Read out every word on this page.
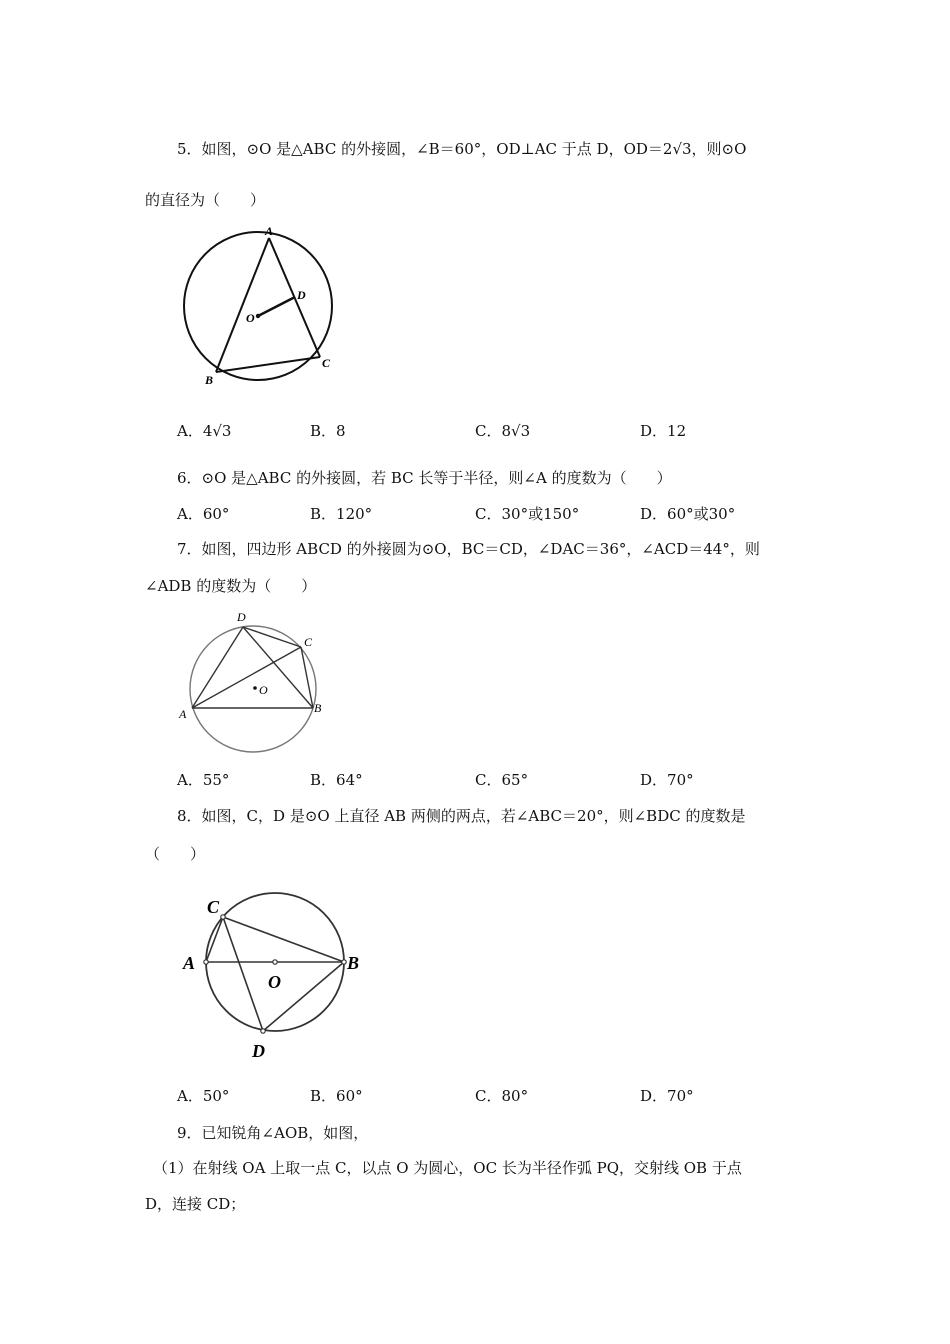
5．如图，⊙O 是△ABC 的外接圆，∠B＝60°，OD⊥AC 于点 D，OD＝2√3，则⊙O
的直径为（　　）
A
B
C
D
O
A．4√3	B．8	C．8√3	D．12
6．⊙O 是△ABC 的外接圆，若 BC 长等于半径，则∠A 的度数为（　　）
A．60°	B．120°	C．30°或150°	D．60°或30°
7．如图，四边形 ABCD 的外接圆为⊙O，BC＝CD，∠DAC＝36°，∠ACD＝44°，则
∠ADB 的度数为（　　）
A	B
C
D
O
A．55°	B．64°	C．65°	D．70°
8．如图，C，D 是⊙O 上直径 AB 两侧的两点，若∠ABC＝20°，则∠BDC 的度数是
（　　）
A	B
C
D
O
A．50°	B．60°	C．80°	D．70°
9．已知锐角∠AOB，如图，
（1）在射线 OA 上取一点 C，以点 O 为圆心，OC 长为半径作弧 PQ，交射线 OB 于点
D，连接 CD；
